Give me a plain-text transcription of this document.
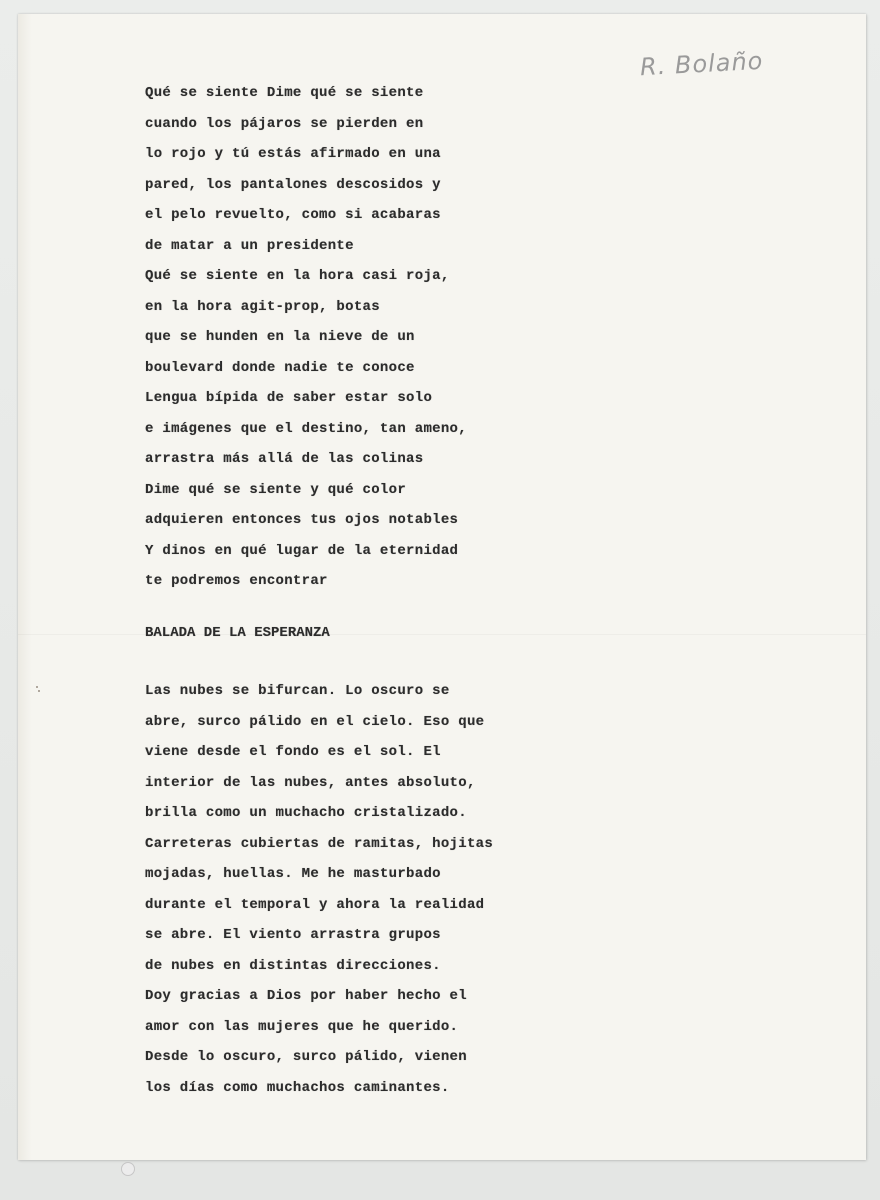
R. Bolaño
Qué se siente Dime qué se siente
cuando los pájaros se pierden en
lo rojo y tú estás afirmado en una
pared, los pantalones descosidos y
el pelo revuelto, como si acabaras
de matar a un presidente
Qué se siente en la hora casi roja,
en la hora agit-prop, botas
que se hunden en la nieve de un
boulevard donde nadie te conoce
Lengua bípida de saber estar solo
e imágenes que el destino, tan ameno,
arrastra más allá de las colinas
Dime qué se siente y qué color
adquieren entonces tus ojos notables
Y dinos en qué lugar de la eternidad
te podremos encontrar
BALADA DE LA ESPERANZA
Las nubes se bifurcan. Lo oscuro se
abre, surco pálido en el cielo. Eso que
viene desde el fondo es el sol. El
interior de las nubes, antes absoluto,
brilla como un muchacho cristalizado.
Carreteras cubiertas de ramitas, hojitas
mojadas, huellas. Me he masturbado
durante el temporal y ahora la realidad
se abre. El viento arrastra grupos
de nubes en distintas direcciones.
Doy gracias a Dios por haber hecho el
amor con las mujeres que he querido.
Desde lo oscuro, surco pálido, vienen
los días como muchachos caminantes.
